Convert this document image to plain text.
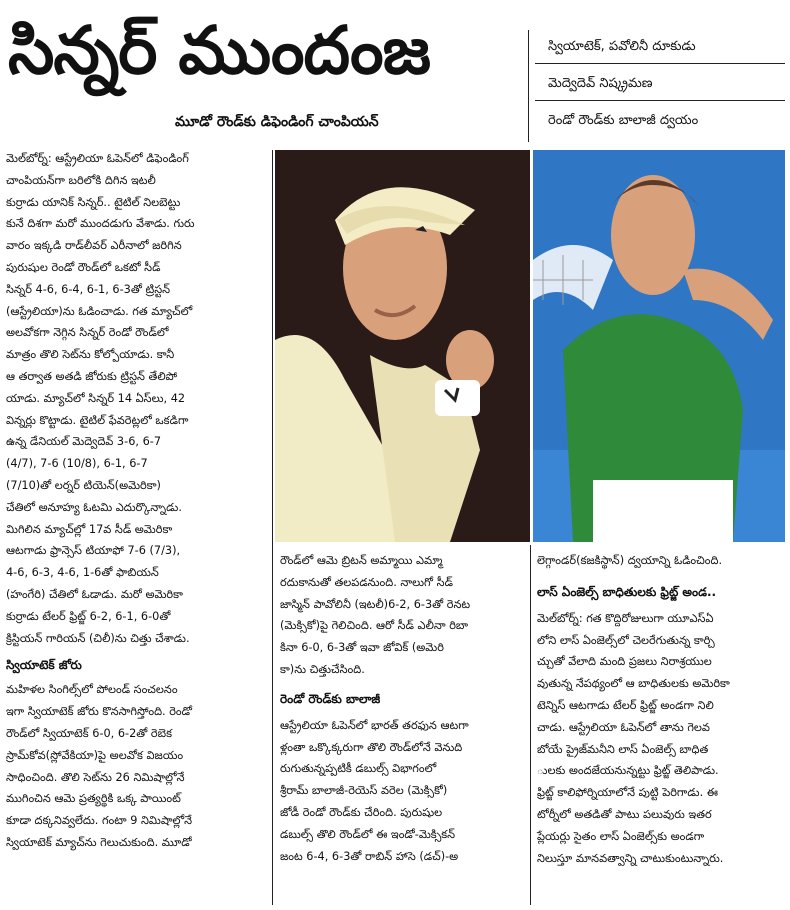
సిన్నర్ ముందంజ
మూడో రౌండ్‌కు డిఫెండింగ్ చాంపియన్
స్వియాటెక్, పవోలినీ దూకుడు
మెద్వెదెవ్ నిష్క్రమణ
రెండో రౌండ్‌కు బాలాజీ ద్వయం

మెల్‌బోర్న్: ఆస్ట్రేలియా ఓపెన్‌లో డిఫెండింగ్

చాంపియన్‌గా బరిలోకి దిగిన ఇటలీ

కుర్రాడు యానిక్ సిన్నర్.. టైటిల్ నిలబెట్టు

కునే దిశగా మరో ముందడుగు వేశాడు. గురు

వారం ఇక్కడి రాడ్‌లీవర్ ఎరీనాలో జరిగిన

పురుషుల రెండో రౌండ్‌లో ఒకటో సీడ్

సిన్నర్ 4-6, 6-4, 6-1, 6-3తో ట్రిస్టన్

(ఆస్ట్రేలియా)ను ఓడించాడు. గత మ్యాచ్‌లో

అలవోకగా నెగ్గిన సిన్నర్ రెండో రౌండ్‌లో

మాత్రం తొలి సెట్‌ను కోల్పోయాడు. కానీ

ఆ తర్వాత అతడి జోరుకు ట్రిస్టన్ తేలిపో

యాడు. మ్యాచ్‌లో సిన్నర్ 14 ఏస్‌లు, 42

విన్నర్లు కొట్టాడు. టైటిల్ ఫేవరెట్లలో ఒకడిగా

ఉన్న డేనియల్ మెద్వెదెవ్ 3-6, 6-7

(4/7), 7-6 (10/8), 6-1, 6-7

(7/10)తో లర్నర్ టియెన్(అమెరికా)

చేతిలో అనూహ్య ఓటమి ఎదుర్కొన్నాడు.

మిగిలిన మ్యాచ్‌ల్లో 17వ సీడ్ అమెరికా

ఆటగాడు ఫ్రాన్సెస్ టియాఫో 7-6 (7/3),

4-6, 6-3, 4-6, 1-6తో ఫాబియన్

(హంగేరి) చేతిలో ఓడాడు. మరో అమెరికా

కుర్రాడు టేలర్ ఫ్రిట్జ్ 6-2, 6-1, 6-0తో

క్రిస్టియన్ గారియన్ (చిలీ)ను చిత్తు చేశాడు.

స్వియాటెక్ జోరు

మహిళల సింగిల్స్‌లో పోలండ్ సంచలనం

ఇగా స్వియాటెక్ జోరు కొనసాగిస్తోంది. రెండో

రౌండ్‌లో స్వియాటెక్ 6-0, 6-2తో రెబెక

స్రామ్‌కోవ(స్లోవేకియా)పై అలవోక విజయం

సాధించింది. తొలి సెట్‌ను 26 నిమిషాల్లోనే

ముగించిన ఆమె ప్రత్యర్థికి ఒక్క పాయింట్

కూడా దక్కనివ్వలేదు. గంటా 9 నిమిషాల్లోనే

స్వియాటెక్ మ్యాచ్‌ను గెలుచుకుంది. మూడో

రౌండ్‌లో ఆమె బ్రిటన్ అమ్మాయి ఎమ్మా

రదుకానుతో తలపడనుంది. నాలుగో సీడ్

జాస్మిన్ పావోలినీ (ఇటలీ)6-2, 6-3తో రెనట

(మెక్సికో)పై గెలిచింది. ఆరో సీడ్ ఎలీనా రిబా

కినా 6-0, 6-3తో ఇవా జోవిక్ (అమెరి

కా)ను చిత్తుచేసింది.

రెండో రౌండ్‌కు బాలాజీ

ఆస్ట్రేలియా ఓపెన్‌లో భారత్ తరఫున ఆటగా

ళ్లంతా ఒక్కొక్కరుగా తొలి రౌండ్‌లోనే వెనుది

రుగుతున్నప్పటికీ డబుల్స్ విభాగంలో

శ్రీరామ్ బాలాజీ-రెయెస్ వరెల (మెక్సికో)

జోడీ రెండో రౌండ్‌కు చేరింది. పురుషుల

డబుల్స్ తొలి రౌండ్‌లో ఈ ఇండో-మెక్సికన్

జంట 6-4, 6-3తో రాబిన్ హాసె (డచ్)-అ

లెగ్గాండర్(కజకిస్థాన్) ద్వయాన్ని ఓడించింది.

లాస్ ఏంజెల్స్ బాధితులకు ఫ్రిట్జ్ అండ..

మెల్‌బోర్న్: గత కొద్దిరోజులుగా యూఎస్‌ఏ

లోని లాస్ ఏంజెల్స్‌లో చెలరేగుతున్న కార్చి

చ్చుతో వేలాది మంది ప్రజలు నిరాశ్రయుల

వుతున్న నేపథ్యంలో ఆ బాధితులకు అమెరికా

టెన్నిస్ ఆటగాడు టేలర్ ఫ్రిట్జ్ అండగా నిలి

చాడు. ఆస్ట్రేలియా ఓపెన్‌లో తాను గెలవ

బోయే ప్రైజ్‌మనీని లాస్ ఏంజెల్స్ బాధిత

ులకు అందజేయనున్నట్టు ఫ్రిట్జ్ తెలిపాడు.

ఫ్రిట్జ్ కాలిఫోర్నియాలోనే పుట్టి పెరిగాడు. ఈ

టోర్నీలో అతడితో పాటు పలువురు ఇతర

ప్లేయర్లు సైతం లాస్ ఏంజెల్స్‌కు అండగా

నిలుస్తూ మానవత్వాన్ని చాటుకుంటున్నారు.
